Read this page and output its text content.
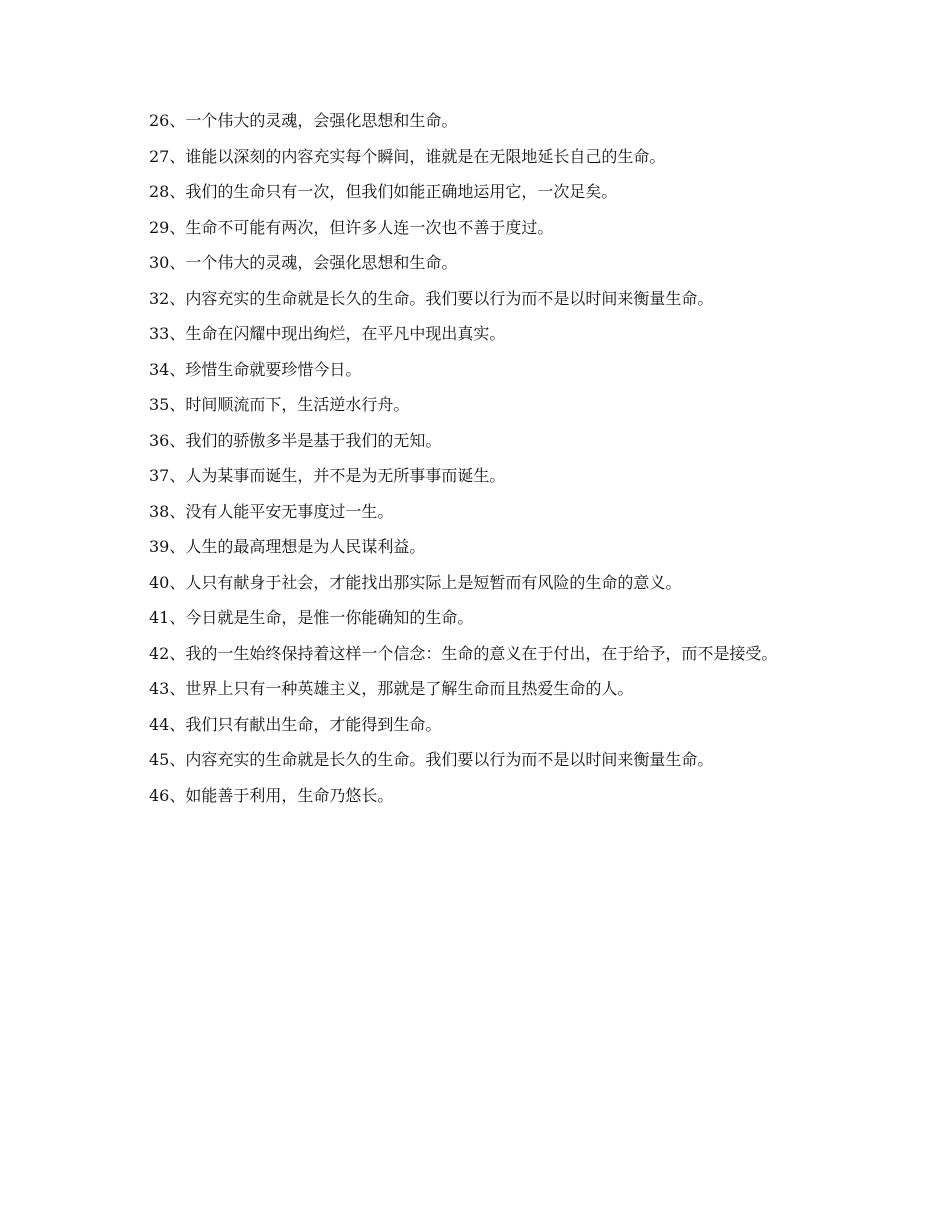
26、一个伟大的灵魂，会强化思想和生命。

27、谁能以深刻的内容充实每个瞬间，谁就是在无限地延长自己的生命。

28、我们的生命只有一次，但我们如能正确地运用它，一次足矣。

29、生命不可能有两次，但许多人连一次也不善于度过。

30、一个伟大的灵魂，会强化思想和生命。

32、内容充实的生命就是长久的生命。我们要以行为而不是以时间来衡量生命。

33、生命在闪耀中现出绚烂，在平凡中现出真实。

34、珍惜生命就要珍惜今日。

35、时间顺流而下，生活逆水行舟。

36、我们的骄傲多半是基于我们的无知。

37、人为某事而诞生，并不是为无所事事而诞生。

38、没有人能平安无事度过一生。

39、人生的最高理想是为人民谋利益。

40、人只有献身于社会，才能找出那实际上是短暂而有风险的生命的意义。

41、今日就是生命，是惟一你能确知的生命。

42、我的一生始终保持着这样一个信念：生命的意义在于付出，在于给予，而不是接受。

43、世界上只有一种英雄主义，那就是了解生命而且热爱生命的人。

44、我们只有献出生命，才能得到生命。

45、内容充实的生命就是长久的生命。我们要以行为而不是以时间来衡量生命。

46、如能善于利用，生命乃悠长。
